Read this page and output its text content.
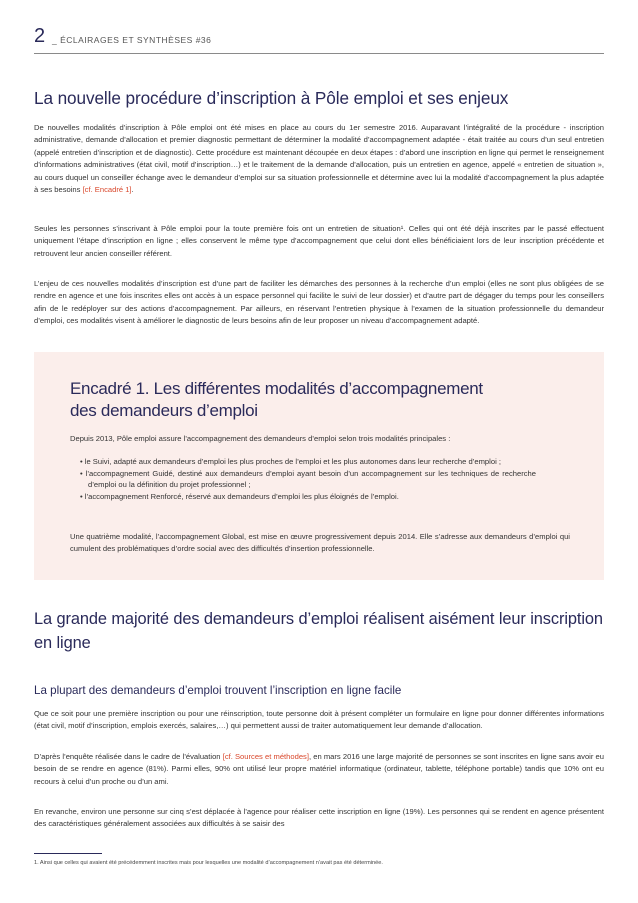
2 _ ÉCLAIRAGES ET SYNTHÈSES #36
La nouvelle procédure d’inscription à Pôle emploi et ses enjeux

De nouvelles modalités d’inscription à Pôle emploi ont été mises en place au cours du 1er semestre 2016. Auparavant l’intégralité de la procédure - inscription administrative, demande d’allocation et premier diagnostic permettant de déterminer la modalité d’accompagnement adaptée - était traitée au cours d’un seul entretien (appelé entretien d’inscription et de diagnostic). Cette procédure est maintenant découpée en deux étapes : d’abord une inscription en ligne qui permet le renseignement d’informations administratives (état civil, motif d’inscription…) et le traitement de la demande d’allocation, puis un entretien en agence, appelé « entretien de situation », au cours duquel un conseiller échange avec le demandeur d’emploi sur sa situation professionnelle et détermine avec lui la modalité d’accompagnement la plus adaptée à ses besoins [cf. Encadré 1].

Seules les personnes s’inscrivant à Pôle emploi pour la toute première fois ont un entretien de situation¹. Celles qui ont été déjà inscrites par le passé effectuent uniquement l’étape d’inscription en ligne ; elles conservent le même type d’accompagnement que celui dont elles bénéficiaient lors de leur inscription précédente et retrouvent leur ancien conseiller référent.

L’enjeu de ces nouvelles modalités d’inscription est d’une part de faciliter les démarches des personnes à la recherche d’un emploi (elles ne sont plus obligées de se rendre en agence et une fois inscrites elles ont accès à un espace personnel qui facilite le suivi de leur dossier) et d’autre part de dégager du temps pour les conseillers afin de le redéployer sur des actions d’accompagnement. Par ailleurs, en réservant l’entretien physique à l’examen de la situation professionnelle du demandeur d’emploi, ces modalités visent à améliorer le diagnostic de leurs besoins afin de leur proposer un niveau d’accompagnement adapté.

Encadré 1. Les différentes modalités d’accompagnement
des demandeurs d’emploi

Depuis 2013, Pôle emploi assure l’accompagnement des demandeurs d’emploi selon trois modalités principales :

Une quatrième modalité, l’accompagnement Global, est mise en œuvre progressivement depuis 2014. Elle s’adresse aux demandeurs d’emploi qui cumulent des problématiques d’ordre social avec des difficultés d’insertion professionnelle.

• le Suivi, adapté aux demandeurs d’emploi les plus proches de l’emploi et les plus autonomes dans leur recherche d’emploi ;
• l’accompagnement Guidé, destiné aux demandeurs d’emploi ayant besoin d’un accompagnement sur les techniques de recherche d’emploi ou la définition du projet professionnel ;
• l’accompagnement Renforcé, réservé aux demandeurs d’emploi les plus éloignés de l’emploi.
La grande majorité des demandeurs d’emploi réalisent aisément leur inscription en ligne
La plupart des demandeurs d’emploi trouvent l’inscription en ligne facile

Que ce soit pour une première inscription ou pour une réinscription, toute personne doit à présent compléter un formulaire en ligne pour donner différentes informations (état civil, motif d’inscription, emplois exercés, salaires,…) qui permettent aussi de traiter automatiquement leur demande d’allocation.

D’après l’enquête réalisée dans le cadre de l’évaluation [cf. Sources et méthodes], en mars 2016 une large majorité de personnes se sont inscrites en ligne sans avoir eu besoin de se rendre en agence (81%). Parmi elles, 90% ont utilisé leur propre matériel informatique (ordinateur, tablette, téléphone portable) tandis que 10% ont eu recours à celui d’un proche ou d’un ami.

En revanche, environ une personne sur cinq s’est déplacée à l’agence pour réaliser cette inscription en ligne (19%). Les personnes qui se rendent en agence présentent des caractéristiques généralement associées aux difficultés à se saisir des

1. Ainsi que celles qui avaient été précédemment inscrites mais pour lesquelles une modalité d’accompagnement n’avait pas été déterminée.
